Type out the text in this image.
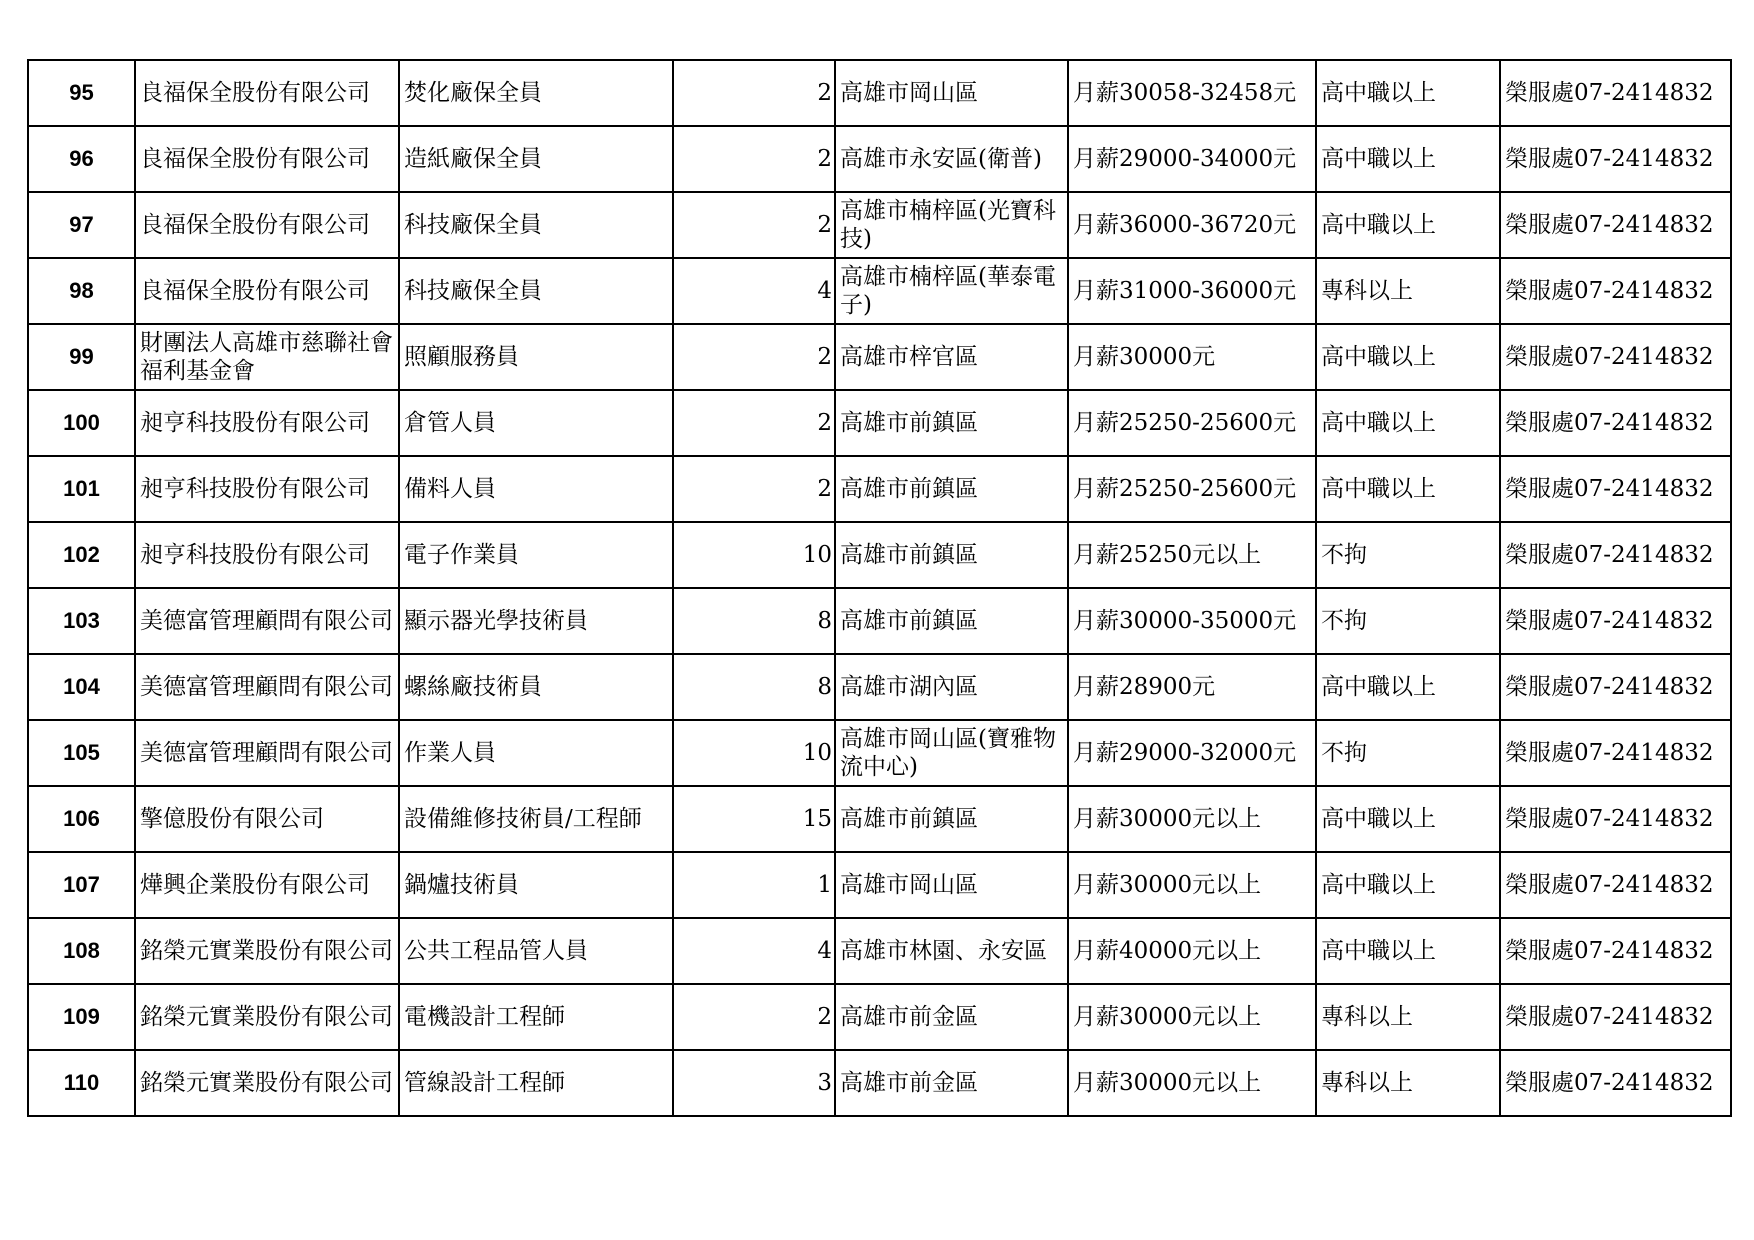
95	良福保全股份有限公司	焚化廠保全員	2	高雄市岡山區	月薪30058-32458元	高中職以上	榮服處07-2414832
96	良福保全股份有限公司	造紙廠保全員	2	高雄市永安區(衛普)	月薪29000-34000元	高中職以上	榮服處07-2414832
97	良福保全股份有限公司	科技廠保全員	2	高雄市楠梓區(光寶科技)	月薪36000-36720元	高中職以上	榮服處07-2414832
98	良福保全股份有限公司	科技廠保全員	4	高雄市楠梓區(華泰電子)	月薪31000-36000元	專科以上	榮服處07-2414832
99	財團法人高雄市慈聯社會福利基金會	照顧服務員	2	高雄市梓官區	月薪30000元	高中職以上	榮服處07-2414832
100	昶亨科技股份有限公司	倉管人員	2	高雄市前鎮區	月薪25250-25600元	高中職以上	榮服處07-2414832
101	昶亨科技股份有限公司	備料人員	2	高雄市前鎮區	月薪25250-25600元	高中職以上	榮服處07-2414832
102	昶亨科技股份有限公司	電子作業員	10	高雄市前鎮區	月薪25250元以上	不拘	榮服處07-2414832
103	美德富管理顧問有限公司	顯示器光學技術員	8	高雄市前鎮區	月薪30000-35000元	不拘	榮服處07-2414832
104	美德富管理顧問有限公司	螺絲廠技術員	8	高雄市湖內區	月薪28900元	高中職以上	榮服處07-2414832
105	美德富管理顧問有限公司	作業人員	10	高雄市岡山區(寶雅物流中心)	月薪29000-32000元	不拘	榮服處07-2414832
106	擎億股份有限公司	設備維修技術員/工程師	15	高雄市前鎮區	月薪30000元以上	高中職以上	榮服處07-2414832
107	燁興企業股份有限公司	鍋爐技術員	1	高雄市岡山區	月薪30000元以上	高中職以上	榮服處07-2414832
108	銘榮元實業股份有限公司	公共工程品管人員	4	高雄市林園、永安區	月薪40000元以上	高中職以上	榮服處07-2414832
109	銘榮元實業股份有限公司	電機設計工程師	2	高雄市前金區	月薪30000元以上	專科以上	榮服處07-2414832
110	銘榮元實業股份有限公司	管線設計工程師	3	高雄市前金區	月薪30000元以上	專科以上	榮服處07-2414832
